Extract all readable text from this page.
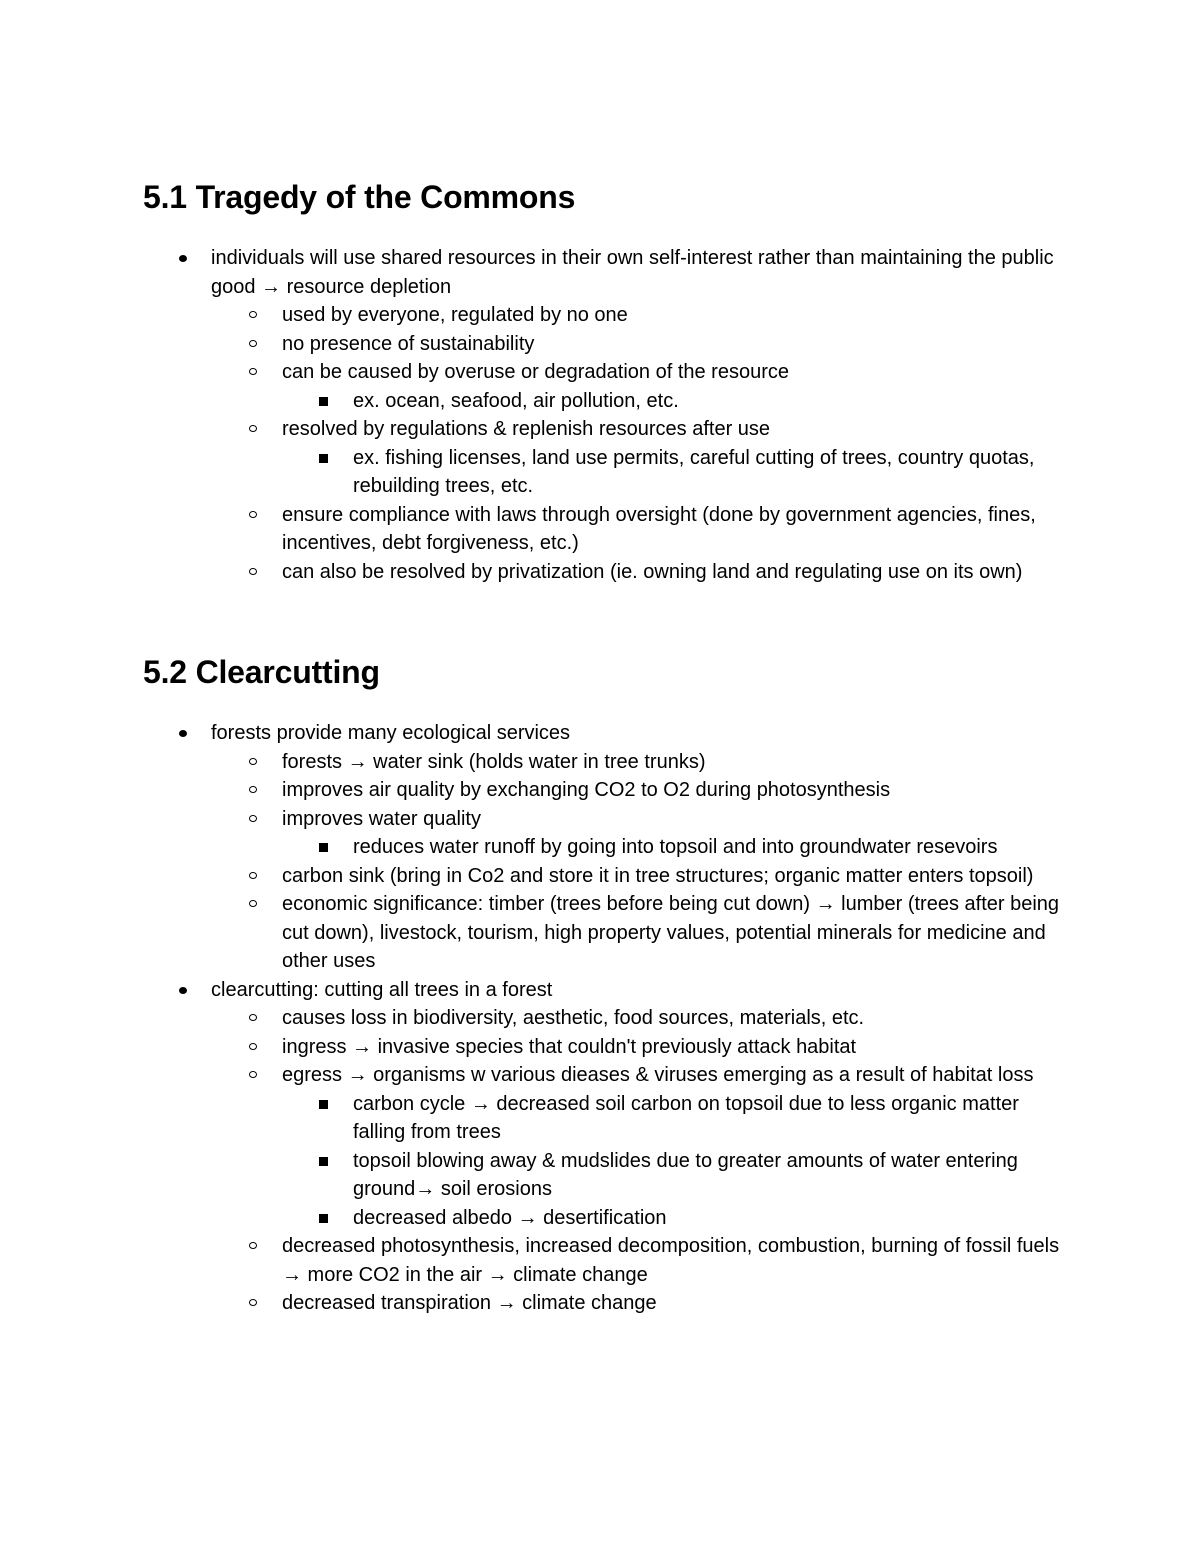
5.1 Tragedy of the Commons
individuals will use shared resources in their own self-interest rather than maintaining the public good → resource depletion
used by everyone, regulated by no one
no presence of sustainability
can be caused by overuse or degradation of the resource
ex. ocean, seafood, air pollution, etc.
resolved by regulations & replenish resources after use
ex. fishing licenses, land use permits, careful cutting of trees, country quotas, rebuilding trees, etc.
ensure compliance with laws through oversight (done by government agencies, fines, incentives, debt forgiveness, etc.)
can also be resolved by privatization (ie. owning land and regulating use on its own)
5.2 Clearcutting
forests provide many ecological services
forests → water sink (holds water in tree trunks)
improves air quality by exchanging CO2 to O2 during photosynthesis
improves water quality
reduces water runoff by going into topsoil and into groundwater resevoirs
carbon sink (bring in Co2 and store it in tree structures; organic matter enters topsoil)
economic significance: timber (trees before being cut down) → lumber (trees after being cut down), livestock, tourism, high property values, potential minerals for medicine and other uses
clearcutting: cutting all trees in a forest
causes loss in biodiversity, aesthetic, food sources, materials, etc.
ingress → invasive species that couldn't previously attack habitat
egress → organisms w various dieases & viruses emerging as a result of habitat loss
carbon cycle → decreased soil carbon on topsoil due to less organic matter falling from trees
topsoil blowing away & mudslides due to greater amounts of water entering ground→ soil erosions
decreased albedo → desertification
decreased photosynthesis, increased decomposition, combustion, burning of fossil fuels → more CO2 in the air → climate change
decreased transpiration → climate change
